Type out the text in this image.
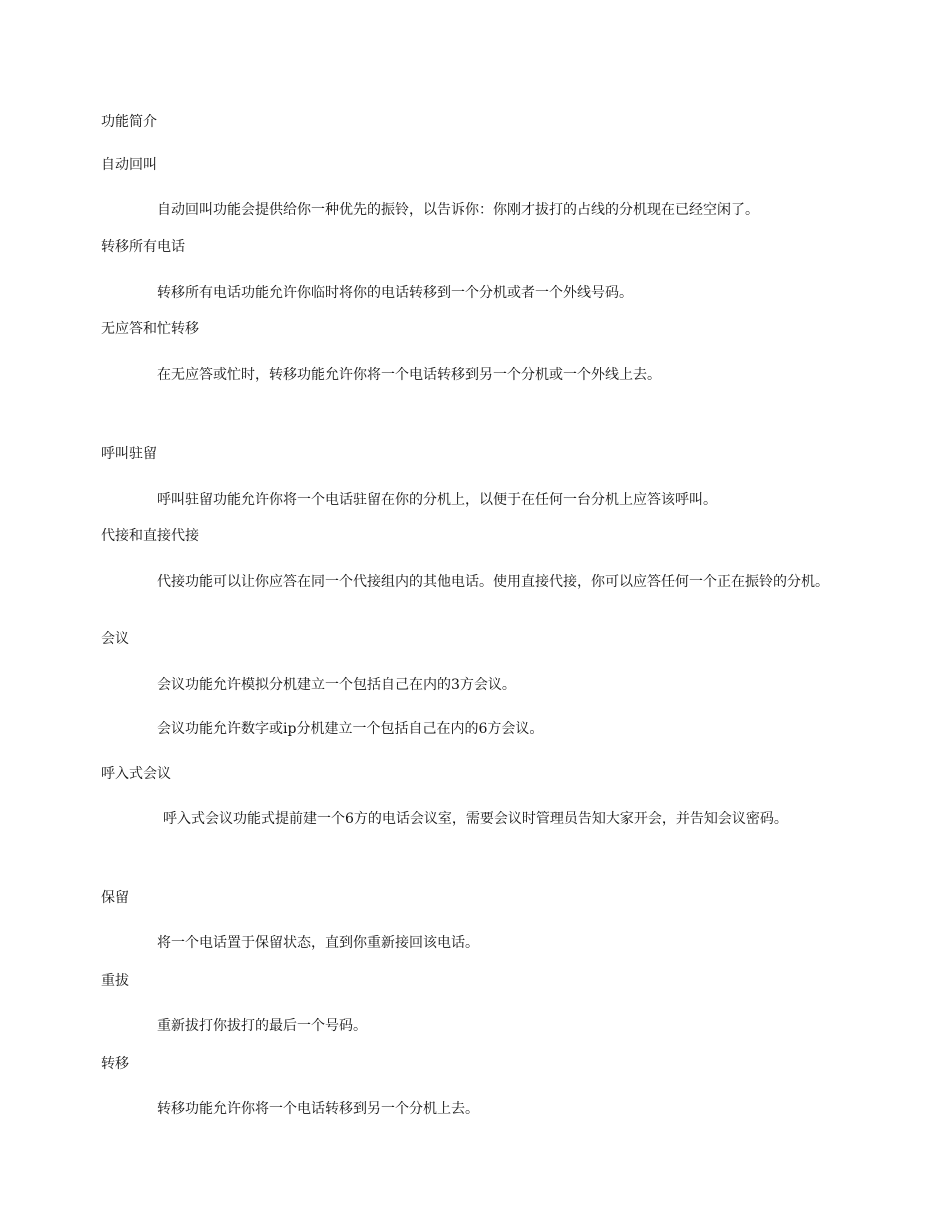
功能简介

自动回叫

自动回叫功能会提供给你一种优先的振铃，以告诉你：你刚才拔打的占线的分机现在已经空闲了。

转移所有电话

转移所有电话功能允许你临时将你的电话转移到一个分机或者一个外线号码。

无应答和忙转移

在无应答或忙时，转移功能允许你将一个电话转移到另一个分机或一个外线上去。

呼叫驻留

呼叫驻留功能允许你将一个电话驻留在你的分机上，以便于在任何一台分机上应答该呼叫。

代接和直接代接

代接功能可以让你应答在同一个代接组内的其他电话。使用直接代接，你可以应答任何一个正在振铃的分机。

会议

会议功能允许模拟分机建立一个包括自己在内的3方会议。

会议功能允许数字或ip分机建立一个包括自己在内的6方会议。

呼入式会议

呼入式会议功能式提前建一个6方的电话会议室，需要会议时管理员告知大家开会，并告知会议密码。

保留

将一个电话置于保留状态，直到你重新接回该电话。

重拔

重新拔打你拔打的最后一个号码。

转移

转移功能允许你将一个电话转移到另一个分机上去。
